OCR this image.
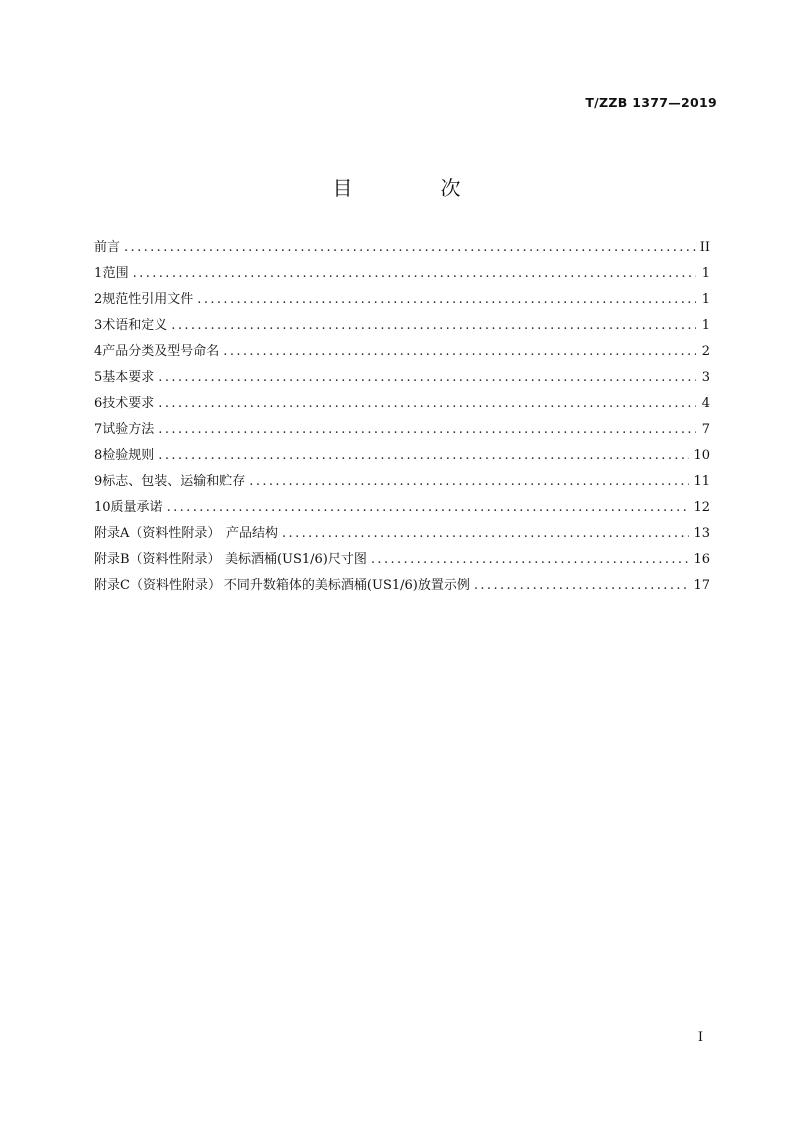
T/ZZB 1377—2019
目　次
前言 .....	II
1 范围 .....	1
2 规范性引用文件 .....	1
3 术语和定义 .....	1
4 产品分类及型号命名 .....	2
5 基本要求 .....	3
6 技术要求 .....	4
7 试验方法 .....	7
8 检验规则 .....	10
9 标志、包装、运输和贮存 .....	11
10 质量承诺 .....	12
附录A（资料性附录） 产品结构 .....	13
附录B（资料性附录） 美标酒桶(US1/6)尺寸图 .....	16
附录C（资料性附录） 不同升数箱体的美标酒桶(US1/6)放置示例 .....	17
I
